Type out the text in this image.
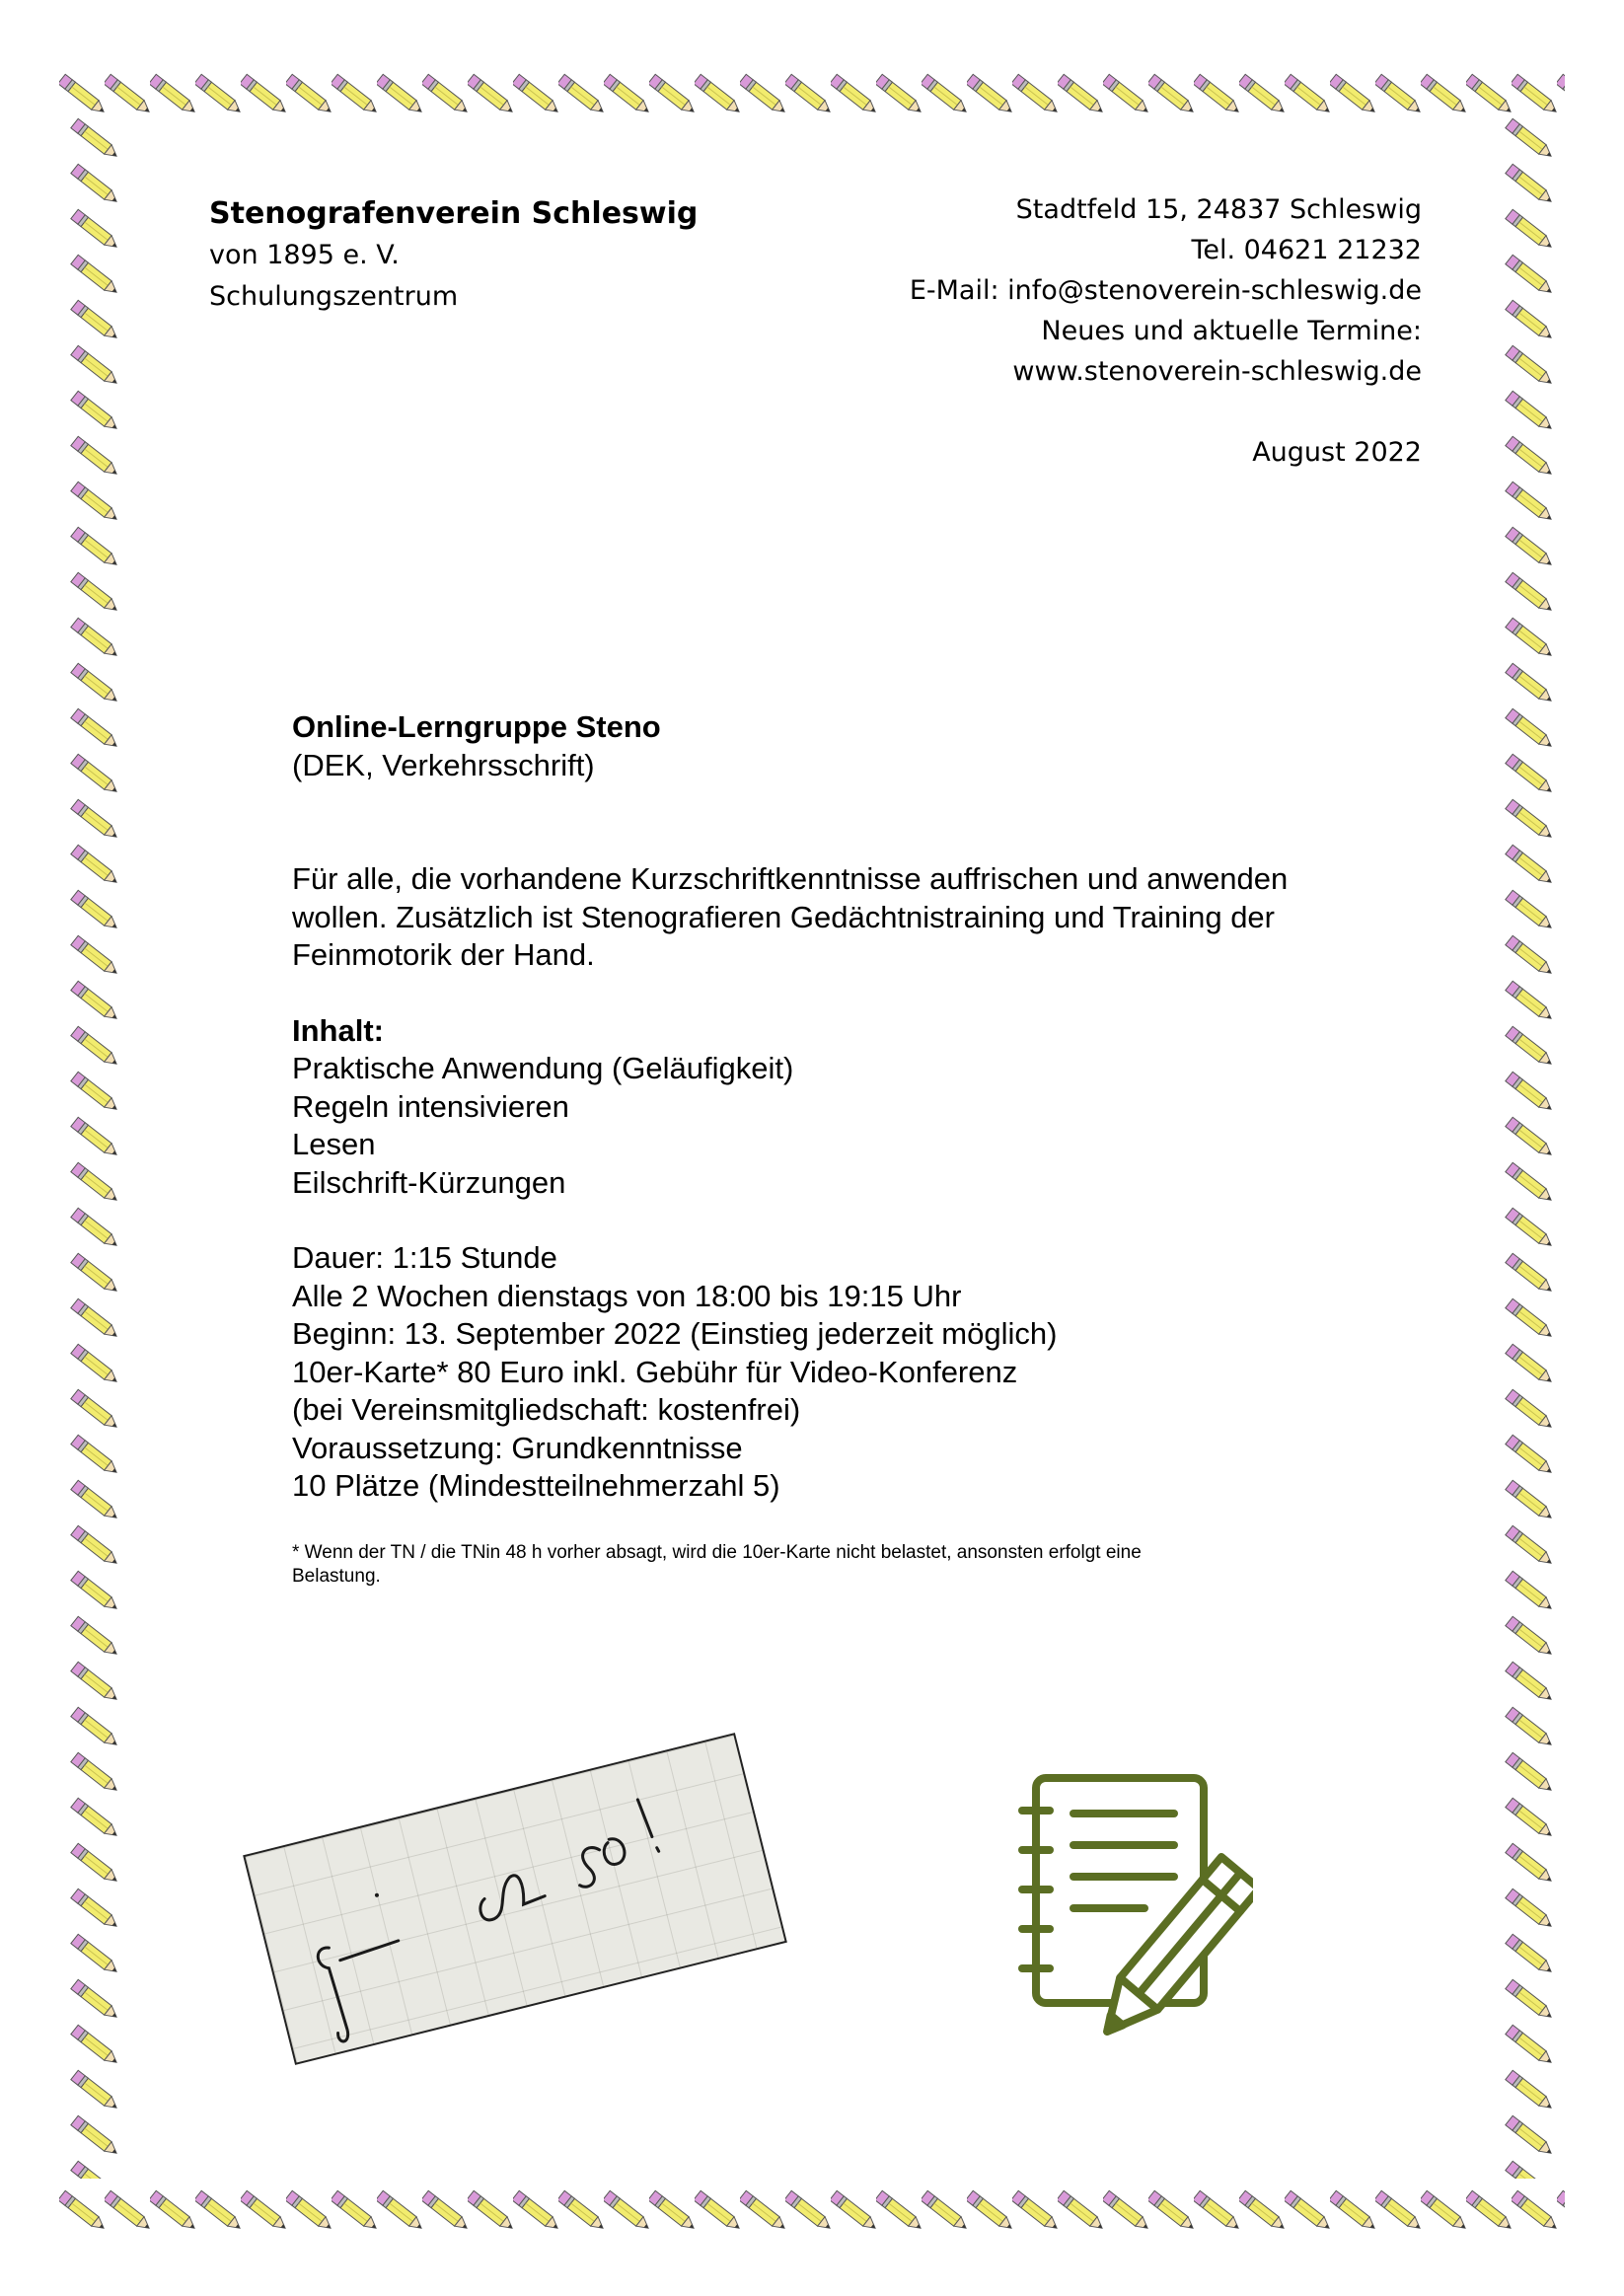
Stenografenverein Schleswig
von 1895 e. V.
Schulungszentrum
Stadtfeld 15, 24837 Schleswig
Tel. 04621 21232
E-Mail: info@stenoverein-schleswig.de
Neues und aktuelle Termine:
www.stenoverein-schleswig.de
August 2022
Online-Lerngruppe Steno
(DEK, Verkehrsschrift)
Für alle, die vorhandene Kurzschriftkenntnisse auffrischen und anwenden
wollen. Zusätzlich ist Stenografieren Gedächtnistraining und Training der
Feinmotorik der Hand.
Inhalt:
Praktische Anwendung (Geläufigkeit)
Regeln intensivieren
Lesen
Eilschrift-Kürzungen
Dauer: 1:15 Stunde
Alle 2 Wochen dienstags von 18:00 bis 19:15 Uhr
Beginn: 13. September 2022 (Einstieg jederzeit möglich)
10er-Karte* 80 Euro inkl. Gebühr für Video-Konferenz
(bei Vereinsmitgliedschaft: kostenfrei)
Voraussetzung: Grundkenntnisse
10 Plätze (Mindestteilnehmerzahl 5)
* Wenn der TN / die TNin 48 h vorher absagt, wird die 10er-Karte nicht belastet, ansonsten erfolgt eine
Belastung.
